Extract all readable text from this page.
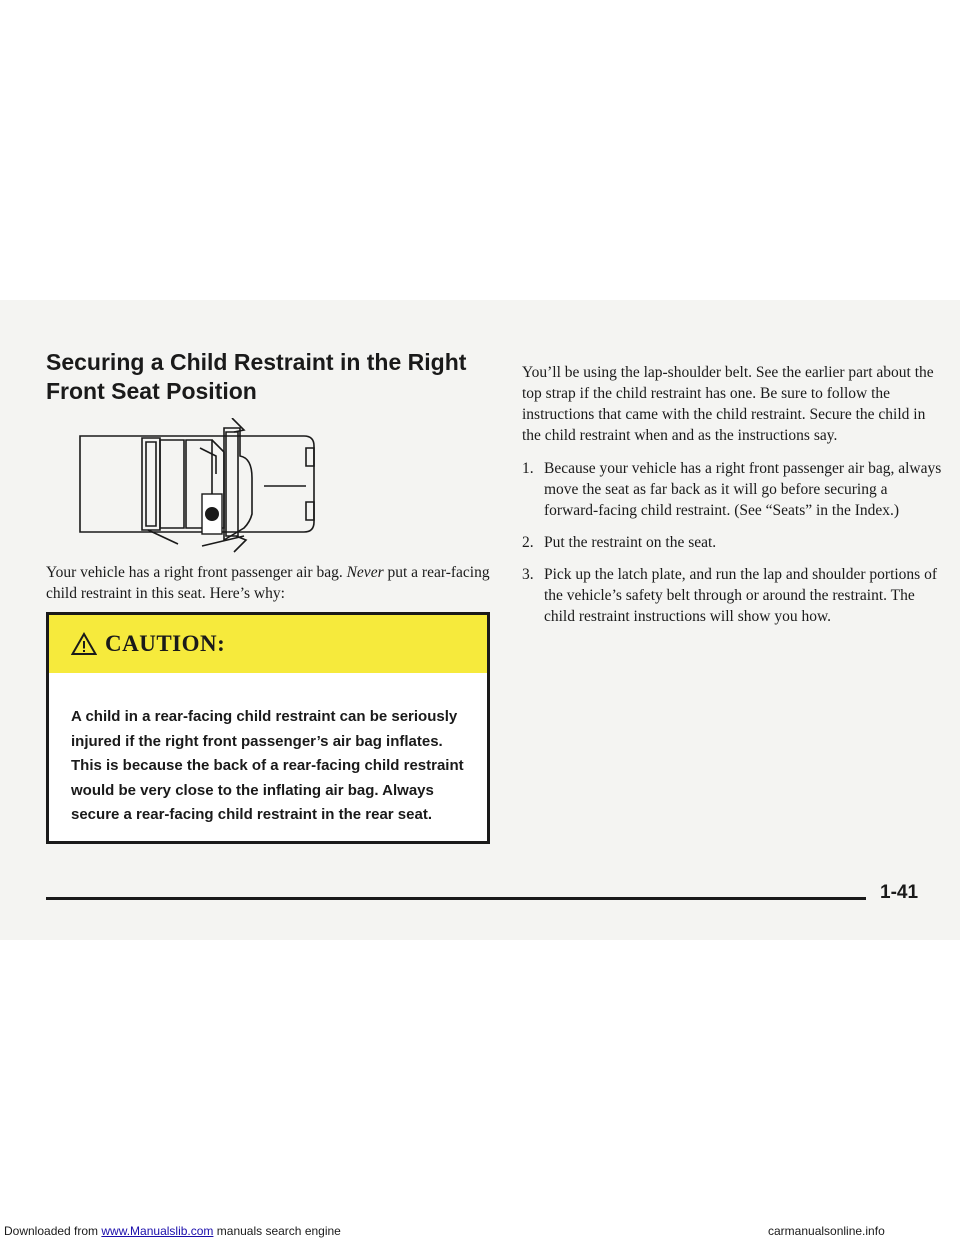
Securing a Child Restraint in the Right Front Seat Position

Your vehicle has a right front passenger air bag. Never put a rear-facing child restraint in this seat. Here’s why:

CAUTION:

A child in a rear-facing child restraint can be seriously injured if the right front passenger’s air bag inflates. This is because the back of a rear-facing child restraint would be very close to the inflating air bag. Always secure a rear-facing child restraint in the rear seat.

You’ll be using the lap-shoulder belt. See the earlier part about the top strap if the child restraint has one. Be sure to follow the instructions that came with the child restraint. Secure the child in the child restraint when and as the instructions say.

1. Because your vehicle has a right front passenger air bag, always move the seat as far back as it will go before securing a forward-facing child restraint. (See “Seats” in the Index.)
2. Put the restraint on the seat.
3. Pick up the latch plate, and run the lap and shoulder portions of the vehicle’s safety belt through or around the restraint. The child restraint instructions will show you how.
1-41
Downloaded from www.Manualslib.com manuals search engine	carmanualsonline.info
